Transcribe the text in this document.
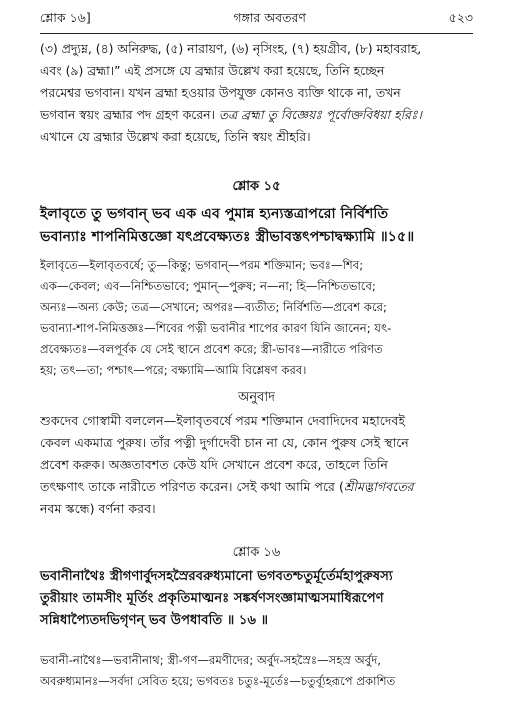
শ্লোক ১৬]	গঙ্গার অবতরণ	৫২৩
(৩) প্রদ্যুম্ন, (৪) অনিরুদ্ধ, (৫) নারায়ণ, (৬) নৃসিংহ, (৭) হয়গ্রীব, (৮) মহাবরাহ,
এবং (৯) ব্রহ্মা।” এই প্রসঙ্গে যে ব্রহ্মার উল্লেখ করা হয়েছে, তিনি হচ্ছেন
পরমেশ্বর ভগবান। যখন ব্রহ্মা হওয়ার উপযুক্ত কোনও ব্যক্তি থাকে না, তখন
ভগবান স্বয়ং ব্রহ্মার পদ গ্রহণ করেন। তত্র ব্রহ্মা তু বিজ্ঞেয়ঃ পূর্বোক্তবিধয়া হরিঃ।
এখানে যে ব্রহ্মার উল্লেখ করা হয়েছে, তিনি স্বয়ং শ্রীহরি।
শ্লোক ১৫
ইলাবৃতে তু ভগবান্ ভব এক এব পুমান্ন হ্যন্যস্তত্রাপরো নির্বিশতি
ভবান্যাঃ শাপনিমিত্তজ্ঞো যৎপ্রবেক্ষ্যতঃ স্ত্রীভাবস্তৎপশ্চাদ্বক্ষ্যামি ॥১৫॥
ইলাবৃতে—ইলাবৃতবর্ষে; তু—কিন্তু; ভগবান্—পরম শক্তিমান; ভবঃ—শিব;
এক—কেবল; এব—নিশ্চিতভাবে; পুমান্—পুরুষ; ন—না; হি—নিশ্চিতভাবে;
অন্যঃ—অন্য কেউ; তত্র—সেখানে; অপরঃ—ব্যতীত; নির্বিশতি—প্রবেশ করে;
ভবান্যা-শাপ-নিমিত্তজ্ঞঃ—শিবের পত্নী ভবানীর শাপের কারণ যিনি জানেন; যৎ-
প্রবেক্ষ্যতঃ—বলপূর্বক যে সেই স্থানে প্রবেশ করে; স্ত্রী-ভাবঃ—নারীতে পরিণত
হয়; তৎ—তা; পশ্চাৎ—পরে; বক্ষ্যামি—আমি বিশ্লেষণ করব।
অনুবাদ
শুকদেব গোস্বামী বললেন—ইলাবৃতবর্ষে পরম শক্তিমান দেবাদিদেব মহাদেবই
কেবল একমাত্র পুরুষ। তাঁর পত্নী দুর্গাদেবী চান না যে, কোন পুরুষ সেই স্থানে
প্রবেশ করুক। অজ্ঞতাবশত কেউ যদি সেখানে প্রবেশ করে, তাহলে তিনি
তৎক্ষণাৎ তাকে নারীতে পরিণত করেন। সেই কথা আমি পরে (শ্রীমদ্ভাগবতের
নবম স্কন্ধে) বর্ণনা করব।
শ্লোক ১৬
ভবানীনাথৈঃ স্ত্রীগণার্বুদসহস্রৈরবরুধ্যমানো ভগবতশ্চতুর্মূর্তের্মহাপুরুষস্য
তুরীয়াং তামসীং মূর্তিং প্রকৃতিমাত্মনঃ সঙ্কর্ষণসংজ্ঞামাত্মসমাধিরূপেণ
সন্নিধাপ্যৈতদভিগৃণন্ ভব উপধাবতি ॥ ১৬ ॥
ভবানী-নাথৈঃ—ভবানীনাথ; স্ত্রী-গণ—রমণীদের; অর্বুদ-সহস্রৈঃ—সহস্র অর্বুদ,
অবরুধ্যমানঃ—সর্বদা সেবিত হয়ে; ভগবতঃ চতুঃ-মূর্তেঃ—চতুর্ব্যূহরূপে প্রকাশিত
